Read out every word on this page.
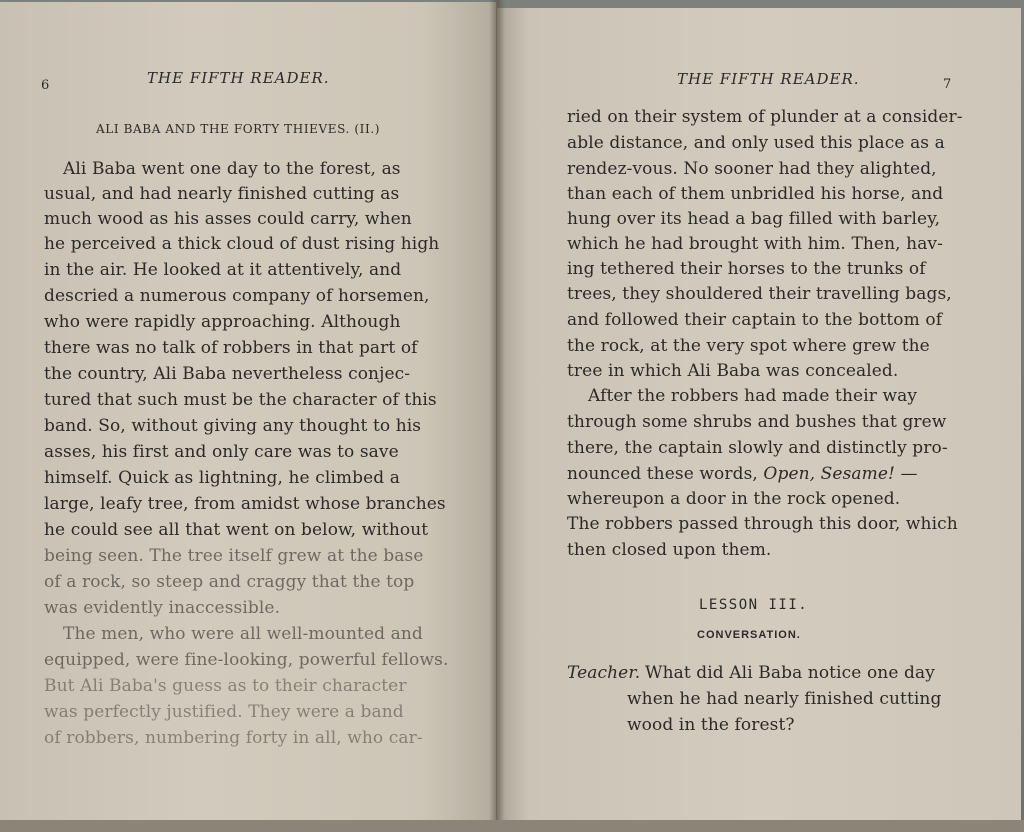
6	THE FIFTH READER.
ALI BABA AND THE FORTY THIEVES. (II.)
Ali Baba went one day to the forest, as
usual, and had nearly finished cutting as
much wood as his asses could carry, when
he perceived a thick cloud of dust rising high
in the air. He looked at it attentively, and
descried a numerous company of horsemen,
who were rapidly approaching. Although
there was no talk of robbers in that part of
the country, Ali Baba nevertheless conjec-
tured that such must be the character of this
band. So, without giving any thought to his
asses, his first and only care was to save
himself. Quick as lightning, he climbed a
large, leafy tree, from amidst whose branches
he could see all that went on below, without
being seen. The tree itself grew at the base
of a rock, so steep and craggy that the top
was evidently inaccessible.
The men, who were all well-mounted and
equipped, were fine-looking, powerful fellows.
But Ali Baba's guess as to their character
was perfectly justified. They were a band
of robbers, numbering forty in all, who car-
THE FIFTH READER.	7
ried on their system of plunder at a consider-
able distance, and only used this place as a
rendez-vous. No sooner had they alighted,
than each of them unbridled his horse, and
hung over its head a bag filled with barley,
which he had brought with him. Then, hav-
ing tethered their horses to the trunks of
trees, they shouldered their travelling bags,
and followed their captain to the bottom of
the rock, at the very spot where grew the
tree in which Ali Baba was concealed.
After the robbers had made their way
through some shrubs and bushes that grew
there, the captain slowly and distinctly pro-
nounced these words, Open, Sesame! —
whereupon a door in the rock opened.
The robbers passed through this door, which
then closed upon them.
LESSON III.
CONVERSATION.
Teacher. What did Ali Baba notice one day
when he had nearly finished cutting
wood in the forest?
